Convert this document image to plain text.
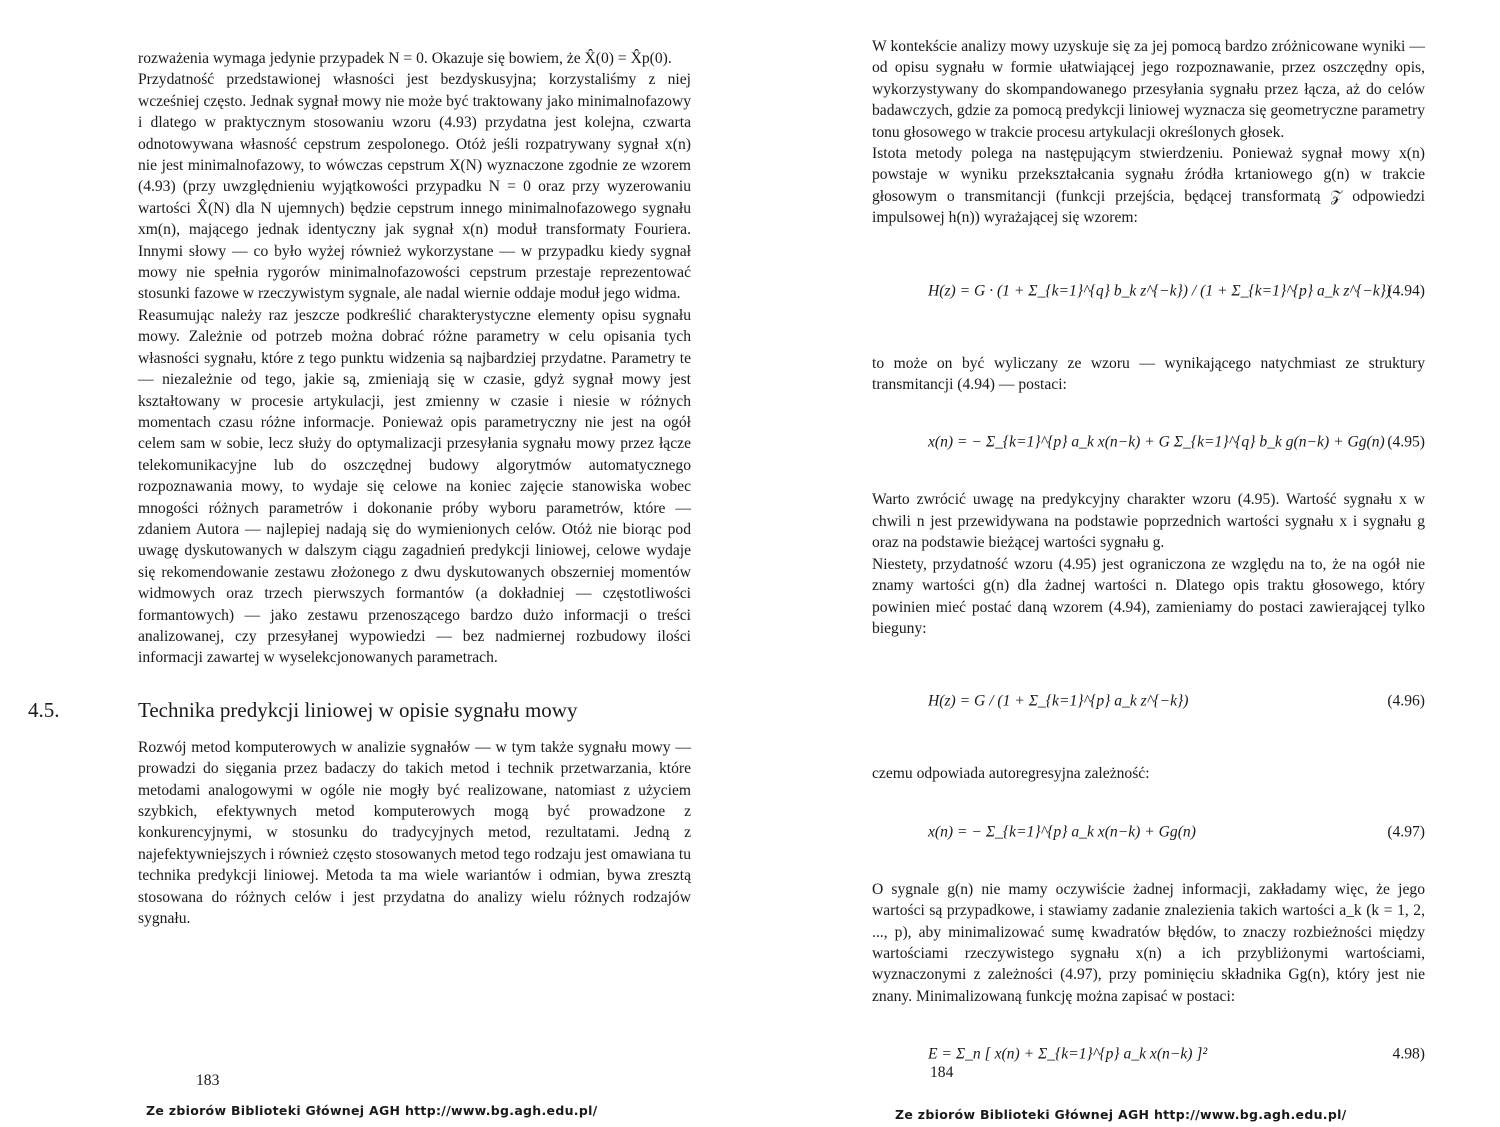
rozważenia wymaga jedynie przypadek N = 0. Okazuje się bowiem, że X̂(0) = X̂p(0).

Przydatność przedstawionej własności jest bezdyskusyjna; korzystaliśmy z niej wcześniej często. Jednak sygnał mowy nie może być traktowany jako minimalnofazowy i dlatego w praktycznym stosowaniu wzoru (4.93) przydatna jest kolejna, czwarta odnotowywana własność cepstrum zespolonego. Otóż jeśli rozpatrywany sygnał x(n) nie jest minimalnofazowy, to wówczas cepstrum X(N) wyznaczone zgodnie ze wzorem (4.93) (przy uwzględnieniu wyjątkowości przypadku N = 0 oraz przy wyzerowaniu wartości X̂(N) dla N ujemnych) będzie cepstrum innego minimalnofazowego sygnału xm(n), mającego jednak identyczny jak sygnał x(n) moduł transformaty Fouriera. Innymi słowy — co było wyżej również wykorzystane — w przypadku kiedy sygnał mowy nie spełnia rygorów minimalnofazowości cepstrum przestaje reprezentować stosunki fazowe w rzeczywistym sygnale, ale nadal wiernie oddaje moduł jego widma.

Reasumując należy raz jeszcze podkreślić charakterystyczne elementy opisu sygnału mowy. Zależnie od potrzeb można dobrać różne parametry w celu opisania tych własności sygnału, które z tego punktu widzenia są najbardziej przydatne. Parametry te — niezależnie od tego, jakie są, zmieniają się w czasie, gdyż sygnał mowy jest kształtowany w procesie artykulacji, jest zmienny w czasie i niesie w różnych momentach czasu różne informacje. Ponieważ opis parametryczny nie jest na ogół celem sam w sobie, lecz służy do optymalizacji przesyłania sygnału mowy przez łącze telekomunikacyjne lub do oszczędnej budowy algorytmów automatycznego rozpoznawania mowy, to wydaje się celowe na koniec zajęcie stanowiska wobec mnogości różnych parametrów i dokonanie próby wyboru parametrów, które — zdaniem Autora — najlepiej nadają się do wymienionych celów. Otóż nie biorąc pod uwagę dyskutowanych w dalszym ciągu zagadnień predykcji liniowej, celowe wydaje się rekomendowanie zestawu złożonego z dwu dyskutowanych obszerniej momentów widmowych oraz trzech pierwszych formantów (a dokładniej — częstotliwości formantowych) — jako zestawu przenoszącego bardzo dużo informacji o treści analizowanej, czy przesyłanej wypowiedzi — bez nadmiernej rozbudowy ilości informacji zawartej w wyselekcjonowanych parametrach.

4.5.	Technika predykcji liniowej w opisie sygnału mowy

Rozwój metod komputerowych w analizie sygnałów — w tym także sygnału mowy — prowadzi do sięgania przez badaczy do takich metod i technik przetwarzania, które metodami analogowymi w ogóle nie mogły być realizowane, natomiast z użyciem szybkich, efektywnych metod komputerowych mogą być prowadzone z konkurencyjnymi, w stosunku do tradycyjnych metod, rezultatami. Jedną z najefektywniejszych i również często stosowanych metod tego rodzaju jest omawiana tu technika predykcji liniowej. Metoda ta ma wiele wariantów i odmian, bywa zresztą stosowana do różnych celów i jest przydatna do analizy wielu różnych rodzajów sygnału.

183
Ze zbiorów Biblioteki Głównej AGH http://www.bg.agh.edu.pl/

W kontekście analizy mowy uzyskuje się za jej pomocą bardzo zróżnicowane wyniki — od opisu sygnału w formie ułatwiającej jego rozpoznawanie, przez oszczędny opis, wykorzystywany do skompandowanego przesyłania sygnału przez łącza, aż do celów badawczych, gdzie za pomocą predykcji liniowej wyznacza się geometryczne parametry tonu głosowego w trakcie procesu artykulacji określonych głosek.

Istota metody polega na następującym stwierdzeniu. Ponieważ sygnał mowy x(n) powstaje w wyniku przekształcania sygnału źródła krtaniowego g(n) w trakcie głosowym o transmitancji (funkcji przejścia, będącej transformatą 𝒵 odpowiedzi impulsowej h(n)) wyrażającej się wzorem:

H(z) = G · (1 + Σ_{k=1}^{q} b_k z^{−k}) / (1 + Σ_{k=1}^{p} a_k z^{−k})
(4.94)

to może on być wyliczany ze wzoru — wynikającego natychmiast ze struktury transmitancji (4.94) — postaci:

x(n) = − Σ_{k=1}^{p} a_k x(n−k) + G Σ_{k=1}^{q} b_k g(n−k) + Gg(n) (4.95)

Warto zwrócić uwagę na predykcyjny charakter wzoru (4.95). Wartość sygnału x w chwili n jest przewidywana na podstawie poprzednich wartości sygnału x i sygnału g oraz na podstawie bieżącej wartości sygnału g.

Niestety, przydatność wzoru (4.95) jest ograniczona ze względu na to, że na ogół nie znamy wartości g(n) dla żadnej wartości n. Dlatego opis traktu głosowego, który powinien mieć postać daną wzorem (4.94), zamieniamy do postaci zawierającej tylko bieguny:

H(z) = G / (1 + Σ_{k=1}^{p} a_k z^{−k})	(4.96)

czemu odpowiada autoregresyjna zależność:

x(n) = − Σ_{k=1}^{p} a_k x(n−k) + Gg(n)	(4.97)

O sygnale g(n) nie mamy oczywiście żadnej informacji, zakładamy więc, że jego wartości są przypadkowe, i stawiamy zadanie znalezienia takich wartości a_k (k = 1, 2, ..., p), aby minimalizować sumę kwadratów błędów, to znaczy rozbieżności między wartościami rzeczywistego sygnału x(n) a ich przybliżonymi wartościami, wyznaczonymi z zależności (4.97), przy pominięciu składnika Gg(n), który jest nie znany. Minimalizowaną funkcję można zapisać w postaci:

E = Σ_n [ x(n) + Σ_{k=1}^{p} a_k x(n−k) ]²	4.98)
184
Ze zbiorów Biblioteki Głównej AGH http://www.bg.agh.edu.pl/
